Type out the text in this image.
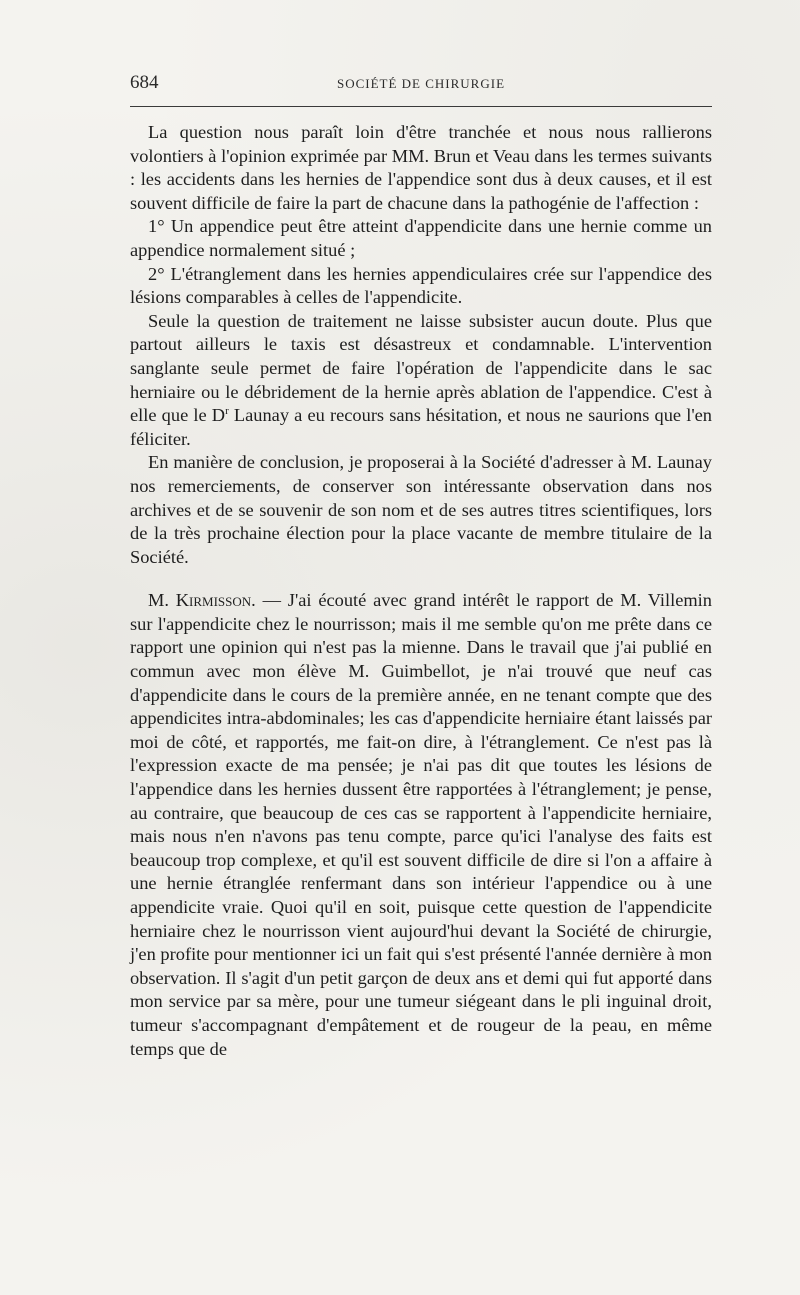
684	SOCIÉTÉ DE CHIRURGIE

La question nous paraît loin d'être tranchée et nous nous rallierons volontiers à l'opinion exprimée par MM. Brun et Veau dans les termes suivants : les accidents dans les hernies de l'appendice sont dus à deux causes, et il est souvent difficile de faire la part de chacune dans la pathogénie de l'affection :

1° Un appendice peut être atteint d'appendicite dans une hernie comme un appendice normalement situé ;

2° L'étranglement dans les hernies appendiculaires crée sur l'appendice des lésions comparables à celles de l'appendicite.

Seule la question de traitement ne laisse subsister aucun doute. Plus que partout ailleurs le taxis est désastreux et condamnable. L'intervention sanglante seule permet de faire l'opération de l'appendicite dans le sac herniaire ou le débridement de la hernie après ablation de l'appendice. C'est à elle que le $D^r$ Launay a eu recours sans hésitation, et nous ne saurions que l'en féliciter.

En manière de conclusion, je proposerai à la Société d'adresser à M. Launay nos remerciements, de conserver son intéressante observation dans nos archives et de se souvenir de son nom et de ses autres titres scientifiques, lors de la très prochaine élection pour la place vacante de membre titulaire de la Société.

M. Kirmisson. — J'ai écouté avec grand intérêt le rapport de M. Villemin sur l'appendicite chez le nourrisson; mais il me semble qu'on me prête dans ce rapport une opinion qui n'est pas la mienne. Dans le travail que j'ai publié en commun avec mon élève M. Guimbellot, je n'ai trouvé que neuf cas d'appendicite dans le cours de la première année, en ne tenant compte que des appendicites intra-abdominales; les cas d'appendicite herniaire étant laissés par moi de côté, et rapportés, me fait-on dire, à l'étranglement. Ce n'est pas là l'expression exacte de ma pensée; je n'ai pas dit que toutes les lésions de l'appendice dans les hernies dussent être rapportées à l'étranglement; je pense, au contraire, que beaucoup de ces cas se rapportent à l'appendicite herniaire, mais nous n'en n'avons pas tenu compte, parce qu'ici l'analyse des faits est beaucoup trop complexe, et qu'il est souvent difficile de dire si l'on a affaire à une hernie étranglée renfermant dans son intérieur l'appendice ou à une appendicite vraie. Quoi qu'il en soit, puisque cette question de l'appendicite herniaire chez le nourrisson vient aujourd'hui devant la Société de chirurgie, j'en profite pour mentionner ici un fait qui s'est présenté l'année dernière à mon observation. Il s'agit d'un petit garçon de deux ans et demi qui fut apporté dans mon service par sa mère, pour une tumeur siégeant dans le pli inguinal droit, tumeur s'accompagnant d'empâtement et de rougeur de la peau, en même temps que de
